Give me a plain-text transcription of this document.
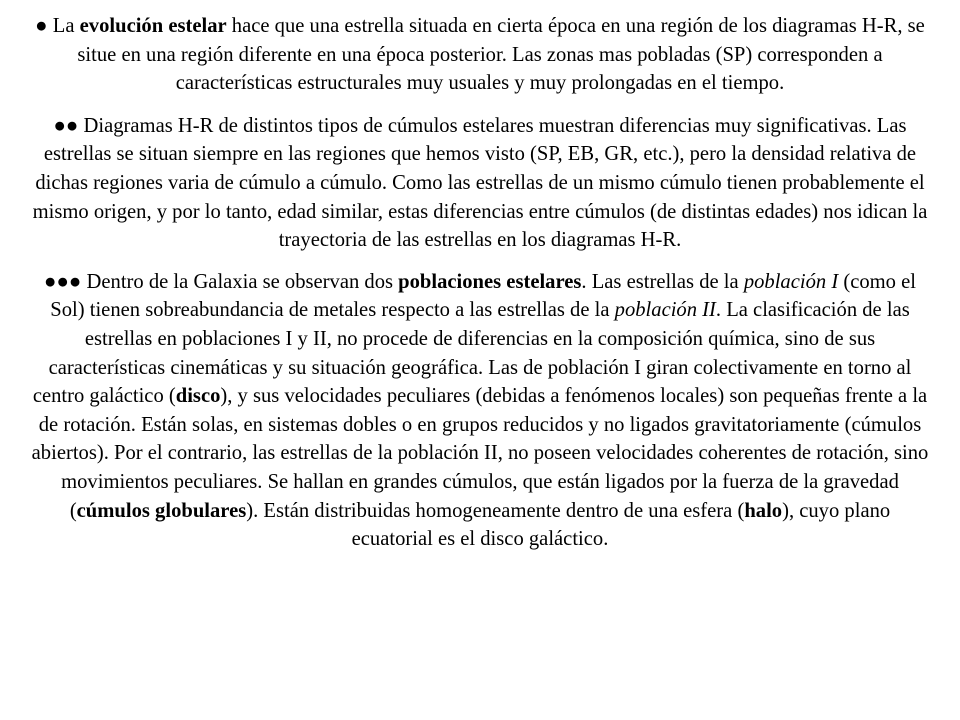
● La evolución estelar hace que una estrella situada en cierta época en una región de los diagramas H-R, se situe en una región diferente en una época posterior. Las zonas mas pobladas (SP) corresponden a características estructurales muy usuales y muy prolongadas en el tiempo.

●● Diagramas H-R de distintos tipos de cúmulos estelares muestran diferencias muy significativas. Las estrellas se situan siempre en las regiones que hemos visto (SP, EB, GR, etc.), pero la densidad relativa de dichas regiones varia de cúmulo a cúmulo. Como las estrellas de un mismo cúmulo tienen probablemente el mismo origen, y por lo tanto, edad similar, estas diferencias entre cúmulos (de distintas edades) nos idican la trayectoria de las estrellas en los diagramas H-R.

●●● Dentro de la Galaxia se observan dos poblaciones estelares. Las estrellas de la población I (como el Sol) tienen sobreabundancia de metales respecto a las estrellas de la población II. La clasificación de las estrellas en poblaciones I y II, no procede de diferencias en la composición química, sino de sus características cinemáticas y su situación geográfica. Las de población I giran colectivamente en torno al centro galáctico (disco), y sus velocidades peculiares (debidas a fenómenos locales) son pequeñas frente a la de rotación. Están solas, en sistemas dobles o en grupos reducidos y no ligados gravitatoriamente (cúmulos abiertos). Por el contrario, las estrellas de la población II, no poseen velocidades coherentes de rotación, sino movimientos peculiares. Se hallan en grandes cúmulos, que están ligados por la fuerza de la gravedad (cúmulos globulares). Están distribuidas homogeneamente dentro de una esfera (halo), cuyo plano ecuatorial es el disco galáctico.
